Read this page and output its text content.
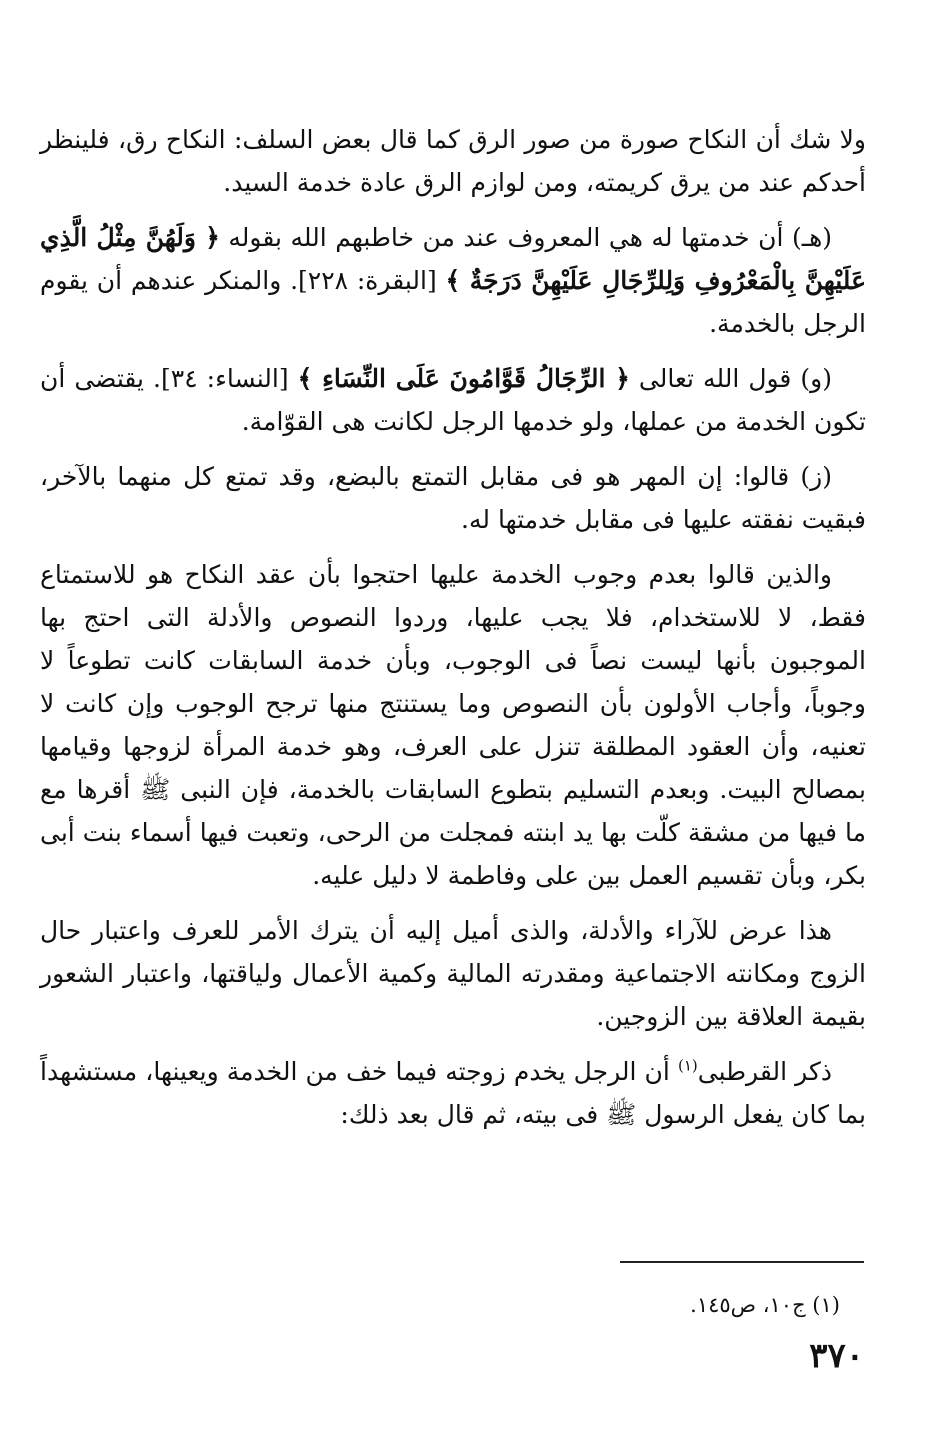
ولا شك أن النكاح صورة من صور الرق كما قال بعض السلف: النكاح رق، فلينظر أحدكم عند من يرق كريمته، ومن لوازم الرق عادة خدمة السيد.

(هـ) أن خدمتها له هي المعروف عند من خاطبهم الله بقوله ﴿ وَلَهُنَّ مِثْلُ الَّذِي عَلَيْهِنَّ بِالْمَعْرُوفِ وَلِلرِّجَالِ عَلَيْهِنَّ دَرَجَةٌ ﴾ [البقرة: ٢٢٨]. والمنكر عندهم أن يقوم الرجل بالخدمة.

(و) قول الله تعالى ﴿ الرِّجَالُ قَوَّامُونَ عَلَى النِّسَاءِ ﴾ [النساء: ٣٤]. يقتضى أن تكون الخدمة من عملها، ولو خدمها الرجل لكانت هى القوّامة.

(ز) قالوا: إن المهر هو فى مقابل التمتع بالبضع، وقد تمتع كل منهما بالآخر، فبقيت نفقته عليها فى مقابل خدمتها له.

والذين قالوا بعدم وجوب الخدمة عليها احتجوا بأن عقد النكاح هو للاستمتاع فقط، لا للاستخدام، فلا يجب عليها، وردوا النصوص والأدلة التى احتج بها الموجبون بأنها ليست نصاً فى الوجوب، وبأن خدمة السابقات كانت تطوعاً لا وجوباً، وأجاب الأولون بأن النصوص وما يستنتج منها ترجح الوجوب وإن كانت لا تعنيه، وأن العقود المطلقة تنزل على العرف، وهو خدمة المرأة لزوجها وقيامها بمصالح البيت. وبعدم التسليم بتطوع السابقات بالخدمة، فإن النبى ﷺ أقرها مع ما فيها من مشقة كلّت بها يد ابنته فمجلت من الرحى، وتعبت فيها أسماء بنت أبى بكر، وبأن تقسيم العمل بين على وفاطمة لا دليل عليه.

هذا عرض للآراء والأدلة، والذى أميل إليه أن يترك الأمر للعرف واعتبار حال الزوج ومكانته الاجتماعية ومقدرته المالية وكمية الأعمال ولياقتها، واعتبار الشعور بقيمة العلاقة بين الزوجين.

ذكر القرطبى$^{(١)}$ أن الرجل يخدم زوجته فيما خف من الخدمة ويعينها، مستشهداً بما كان يفعل الرسول ﷺ فى بيته، ثم قال بعد ذلك:

(١) ج١٠، ص١٤٥.
٣٧٠
